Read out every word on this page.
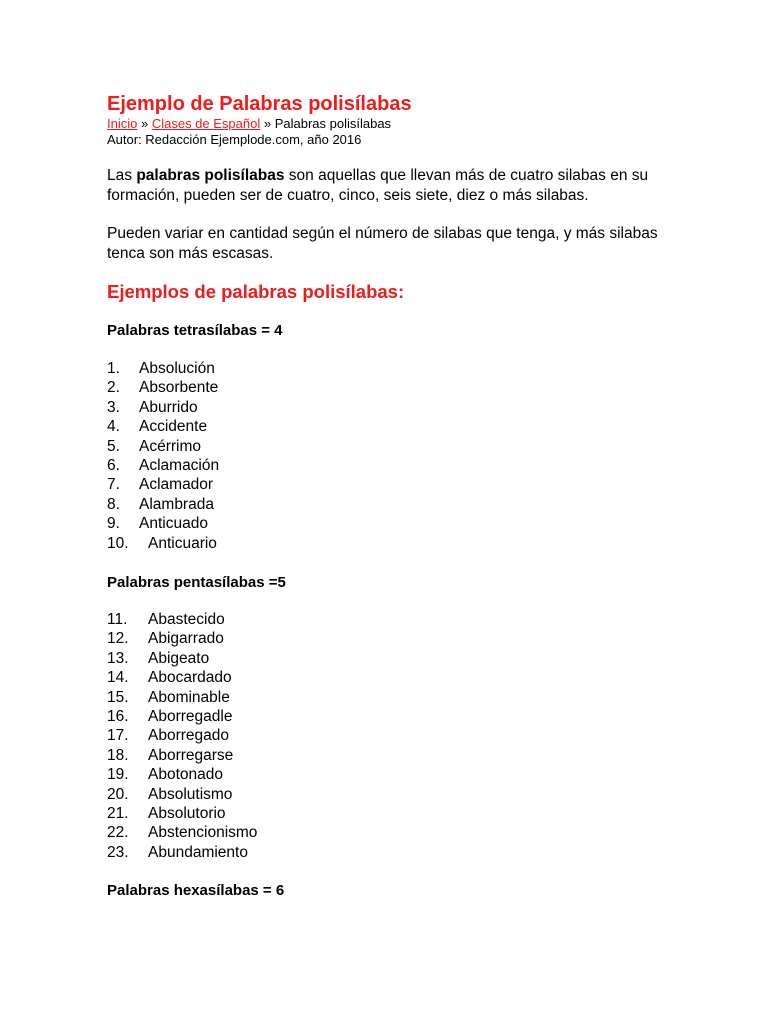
Ejemplo de Palabras polisílabas
Inicio » Clases de Español » Palabras polisílabas
Autor: Redacción Ejemplode.com, año 2016

Las palabras polisílabas son aquellas que llevan más de cuatro silabas en su formación, pueden ser de cuatro, cinco, seis siete, diez o más silabas.

Pueden variar en cantidad según el número de silabas que tenga, y más silabas tenca son más escasas.

Ejemplos de palabras polisílabas:
Palabras tetrasílabas = 4
1. Absolución
2. Absorbente
3. Aburrido
4. Accidente
5. Acérrimo
6. Aclamación
7. Aclamador
8. Alambrada
9. Anticuado
10. Anticuario
Palabras pentasílabas =5
11. Abastecido
12. Abigarrado
13. Abigeato
14. Abocardado
15. Abominable
16. Aborregadle
17. Aborregado
18. Aborregarse
19. Abotonado
20. Absolutismo
21. Absolutorio
22. Abstencionismo
23. Abundamiento
Palabras hexasílabas = 6
